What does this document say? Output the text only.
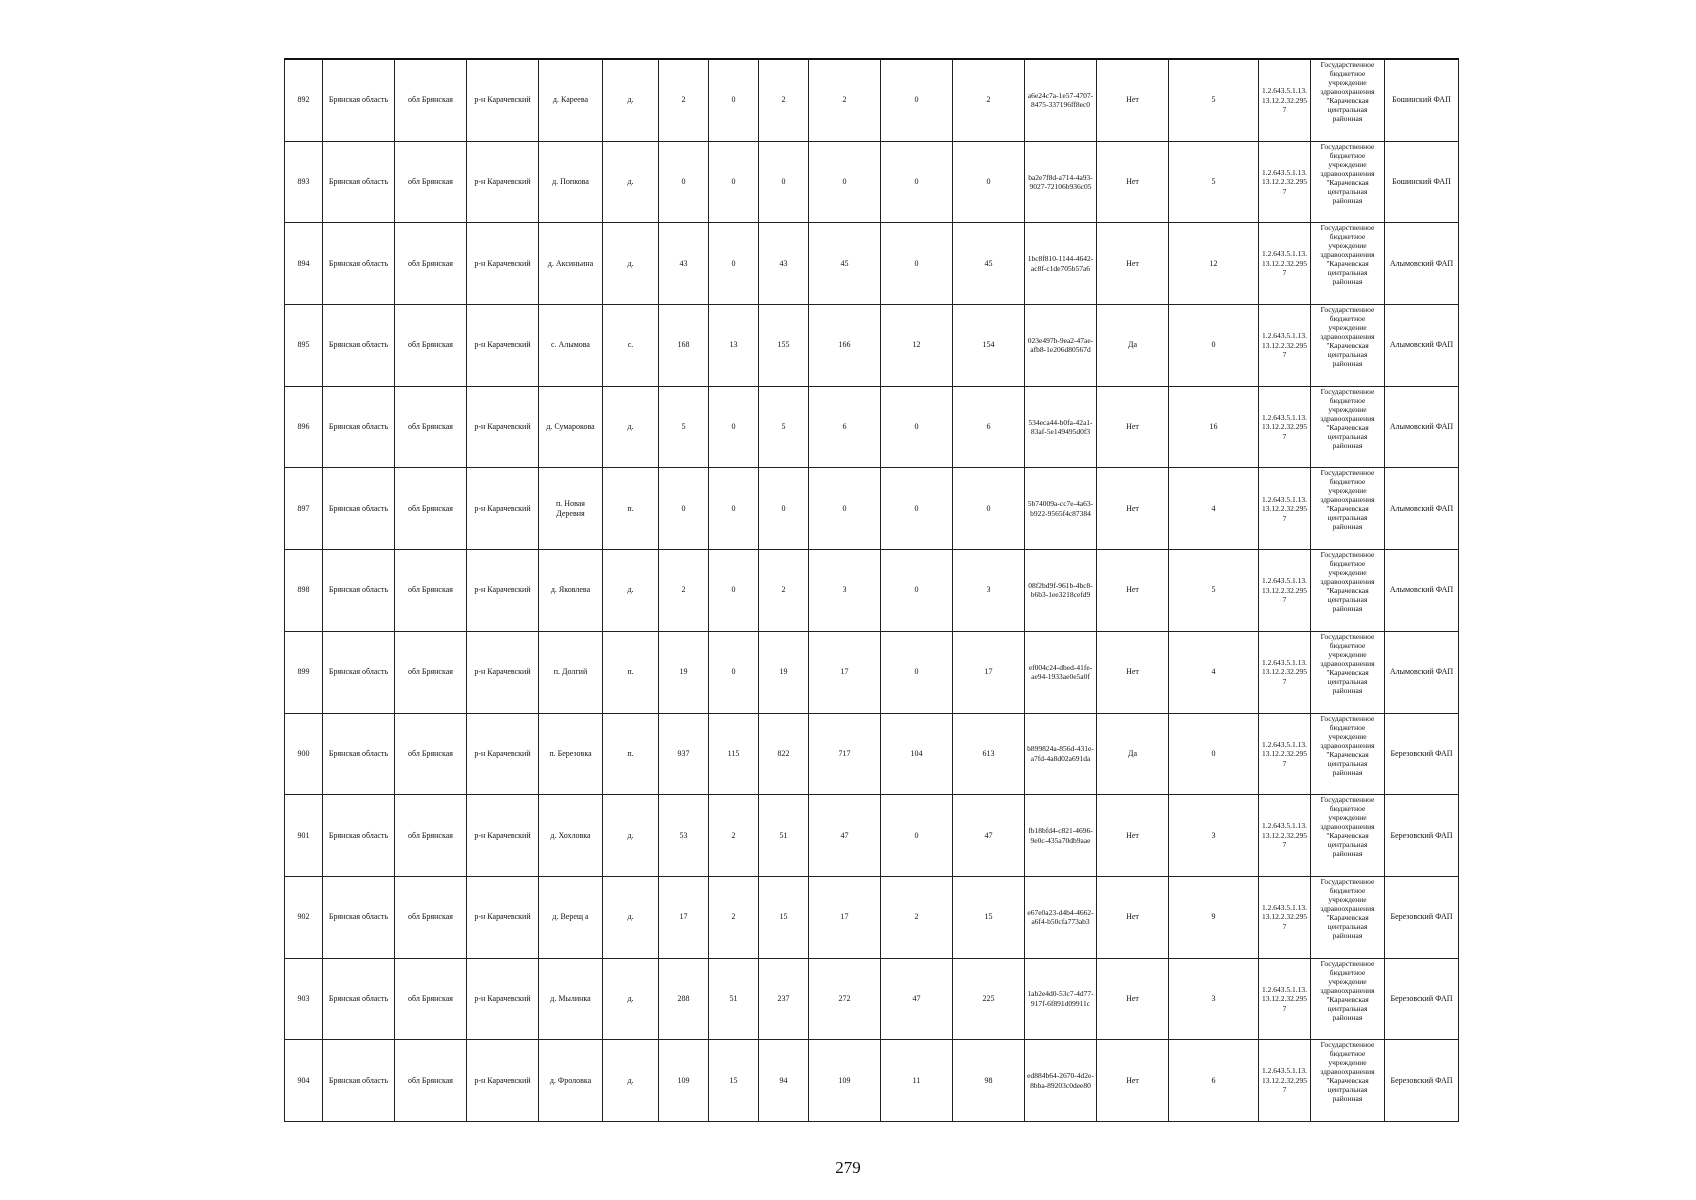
892	Брянская область	обл Брянская	р-н Карачевский	д. Кареева	д.	2	0	2	2	0	2	a6e24c7a-1e57-4707-8475-337196ff8ec0	Нет	5	1.2.643.5.1.13.13.12.2.32.2957	Государственное бюджетное учреждение здравоохранения "Карачевская центральная районная	Бошинский ФАП
893	Брянская область	обл Брянская	р-н Карачевский	д. Попкова	д.	0	0	0	0	0	0	ba2e7f8d-a714-4a93-9027-72106b936c05	Нет	5	1.2.643.5.1.13.13.12.2.32.2957	Государственное бюджетное учреждение здравоохранения "Карачевская центральная районная	Бошинский ФАП
894	Брянская область	обл Брянская	р-н Карачевский	д. Аксиньина	д.	43	0	43	45	0	45	1bc8f810-1144-4642-ac8f-c1de705b57a6	Нет	12	1.2.643.5.1.13.13.12.2.32.2957	Государственное бюджетное учреждение здравоохранения "Карачевская центральная районная	Алымовский ФАП
895	Брянская область	обл Брянская	р-н Карачевский	с. Алымова	с.	168	13	155	166	12	154	023e497b-9ea2-47ae-afb8-1e206d80567d	Да	0	1.2.643.5.1.13.13.12.2.32.2957	Государственное бюджетное учреждение здравоохранения "Карачевская центральная районная	Алымовский ФАП
896	Брянская область	обл Брянская	р-н Карачевский	д. Сумарокова	д.	5	0	5	6	0	6	534eca44-b0fa-42a1-83af-5e149495d0f3	Нет	16	1.2.643.5.1.13.13.12.2.32.2957	Государственное бюджетное учреждение здравоохранения "Карачевская центральная районная	Алымовский ФАП
897	Брянская область	обл Брянская	р-н Карачевский	п. Новая Деревня	п.	0	0	0	0	0	0	5b74009a-cc7e-4a63-b922-9565f4c87384	Нет	4	1.2.643.5.1.13.13.12.2.32.2957	Государственное бюджетное учреждение здравоохранения "Карачевская центральная районная	Алымовский ФАП
898	Брянская область	обл Брянская	р-н Карачевский	д. Яковлева	д.	2	0	2	3	0	3	08f2bd9f-961b-4bc8-b6b3-1ee3218cefd9	Нет	5	1.2.643.5.1.13.13.12.2.32.2957	Государственное бюджетное учреждение здравоохранения "Карачевская центральная районная	Алымовский ФАП
899	Брянская область	обл Брянская	р-н Карачевский	п. Долгий	п.	19	0	19	17	0	17	ef004c24-dbed-41fe-ae94-1933ae0e5a0f	Нет	4	1.2.643.5.1.13.13.12.2.32.2957	Государственное бюджетное учреждение здравоохранения "Карачевская центральная районная	Алымовский ФАП
900	Брянская область	обл Брянская	р-н Карачевский	п. Березовка	п.	937	115	822	717	104	613	b899824a-856d-431e-a7fd-4a8d02a691da	Да	0	1.2.643.5.1.13.13.12.2.32.2957	Государственное бюджетное учреждение здравоохранения "Карачевская центральная районная	Березовский ФАП
901	Брянская область	обл Брянская	р-н Карачевский	д. Хохловка	д.	53	2	51	47	0	47	fb18bfd4-c821-4696-9e0c-435a70db9aae	Нет	3	1.2.643.5.1.13.13.12.2.32.2957	Государственное бюджетное учреждение здравоохранения "Карачевская центральная районная	Березовский ФАП
902	Брянская область	обл Брянская	р-н Карачевский	д. Верещ а	д.	17	2	15	17	2	15	e67e0a23-d4b4-4662-a6f4-b50cfa773ab3	Нет	9	1.2.643.5.1.13.13.12.2.32.2957	Государственное бюджетное учреждение здравоохранения "Карачевская центральная районная	Березовский ФАП
903	Брянская область	обл Брянская	р-н Карачевский	д. Мылинка	д.	288	51	237	272	47	225	1ab2e4d0-53c7-4d77-917f-6f891d09911c	Нет	3	1.2.643.5.1.13.13.12.2.32.2957	Государственное бюджетное учреждение здравоохранения "Карачевская центральная районная	Березовский ФАП
904	Брянская область	обл Брянская	р-н Карачевский	д. Фроловка	д.	109	15	94	109	11	98	ed884b64-2670-4d2e-8bba-89203c0dee80	Нет	6	1.2.643.5.1.13.13.12.2.32.2957	Государственное бюджетное учреждение здравоохранения "Карачевская центральная районная	Березовский ФАП
279
